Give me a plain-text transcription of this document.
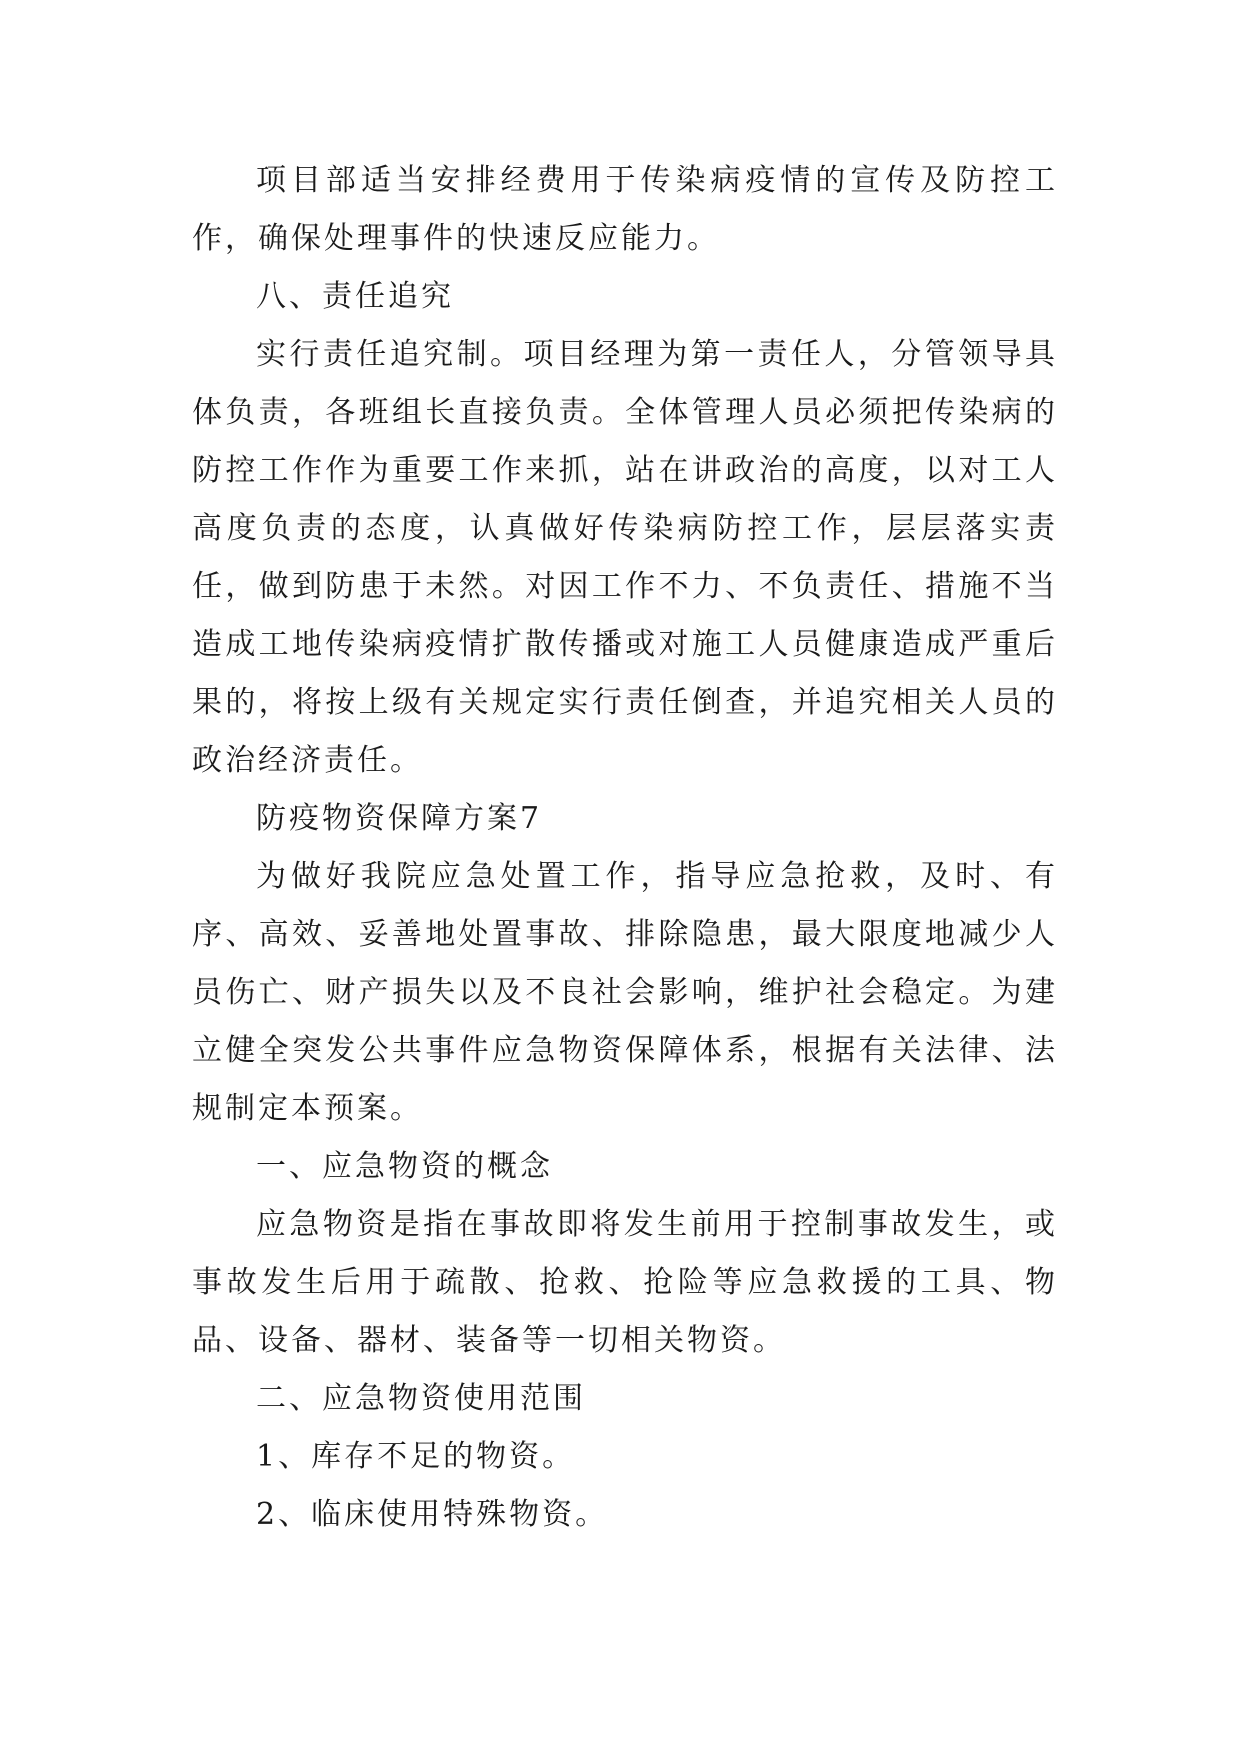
项目部适当安排经费用于传染病疫情的宣传及防控工作，确保处理事件的快速反应能力。

八、责任追究

实行责任追究制。项目经理为第一责任人，分管领导具体负责，各班组长直接负责。全体管理人员必须把传染病的防控工作作为重要工作来抓，站在讲政治的高度，以对工人高度负责的态度，认真做好传染病防控工作，层层落实责任，做到防患于未然。对因工作不力、不负责任、措施不当造成工地传染病疫情扩散传播或对施工人员健康造成严重后果的，将按上级有关规定实行责任倒查，并追究相关人员的政治经济责任。

防疫物资保障方案7

为做好我院应急处置工作，指导应急抢救，及时、有序、高效、妥善地处置事故、排除隐患，最大限度地减少人员伤亡、财产损失以及不良社会影响，维护社会稳定。为建立健全突发公共事件应急物资保障体系，根据有关法律、法规制定本预案。

一、应急物资的概念

应急物资是指在事故即将发生前用于控制事故发生，或事故发生后用于疏散、抢救、抢险等应急救援的工具、物品、设备、器材、装备等一切相关物资。

二、应急物资使用范围

1、库存不足的物资。

2、临床使用特殊物资。
